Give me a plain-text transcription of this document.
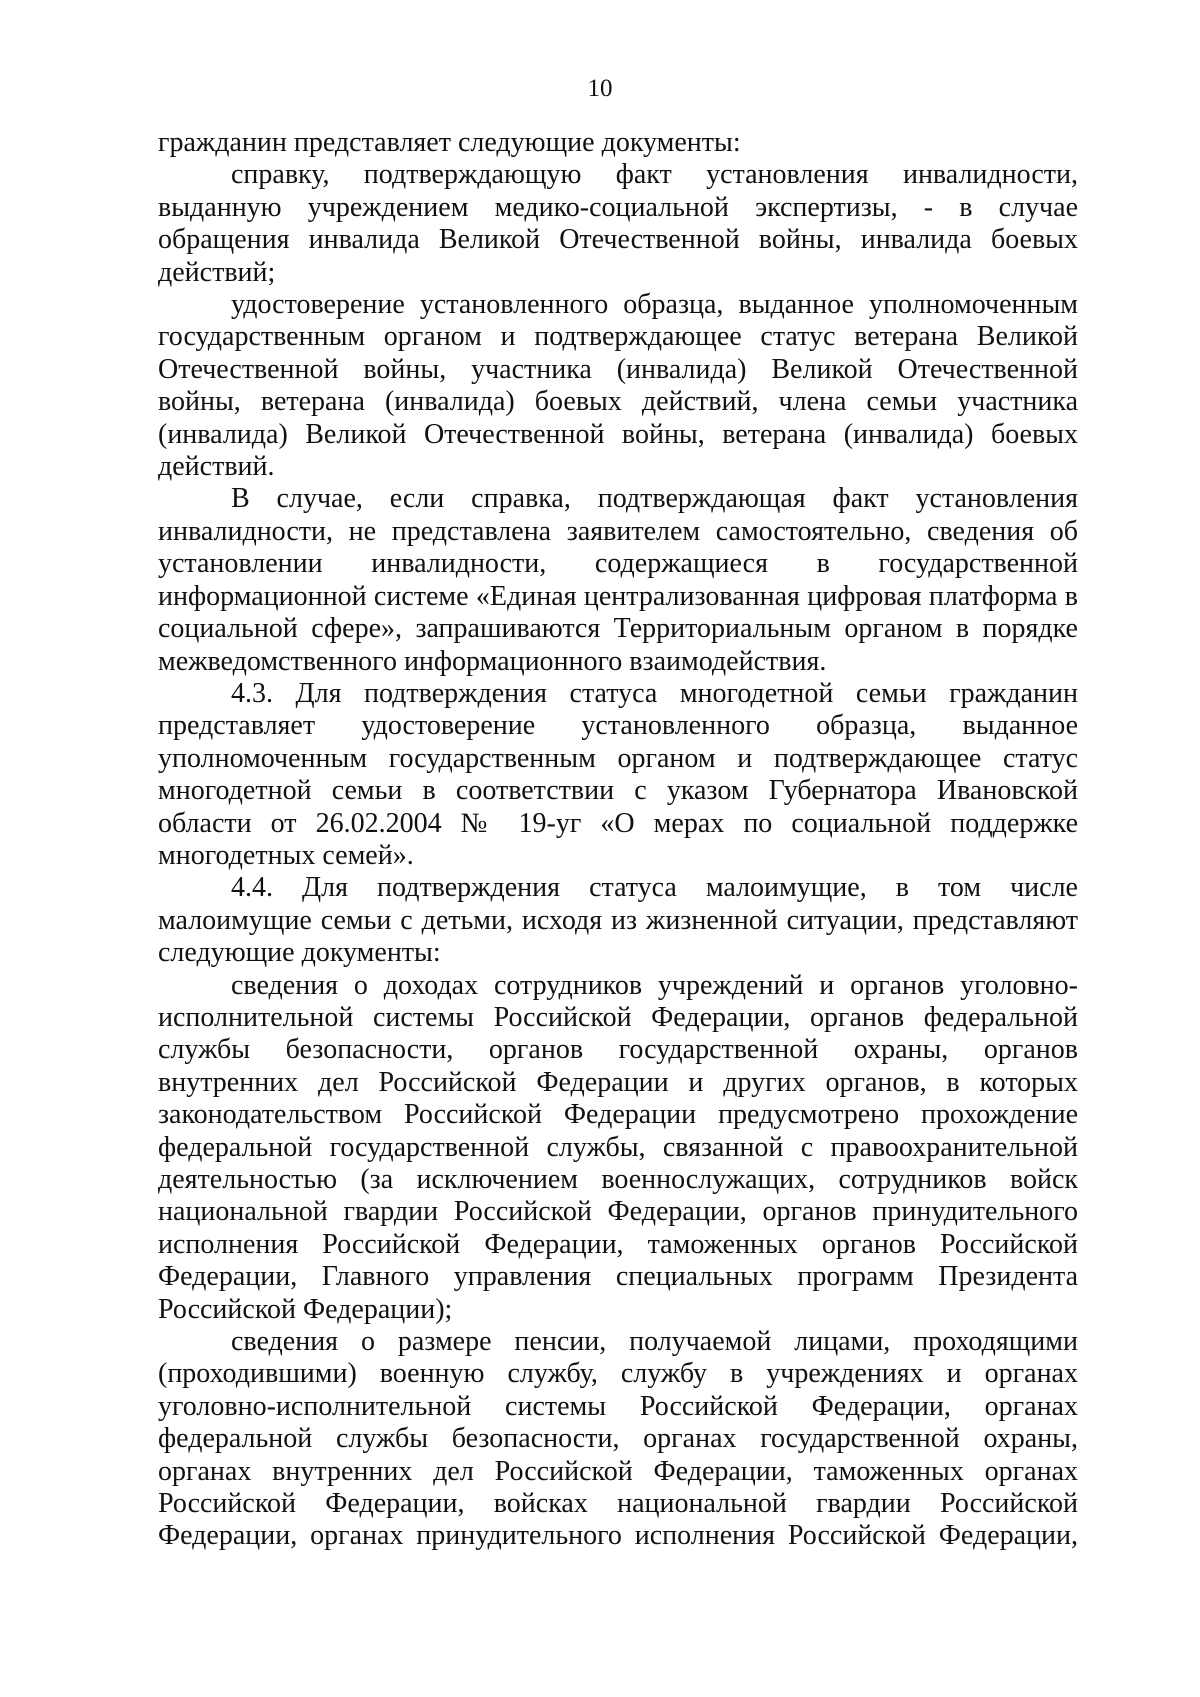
10

гражданин представляет следующие документы:

справку, подтверждающую факт установления инвалидности, выданную учреждением медико-социальной экспертизы, - в случае обращения инвалида Великой Отечественной войны, инвалида боевых действий;

удостоверение установленного образца, выданное уполномоченным государственным органом и подтверждающее статус ветерана Великой Отечественной войны, участника (инвалида) Великой Отечественной войны, ветерана (инвалида) боевых действий, члена семьи участника (инвалида) Великой Отечественной войны, ветерана (инвалида) боевых действий.

В случае, если справка, подтверждающая факт установления инвалидности, не представлена заявителем самостоятельно, сведения об установлении инвалидности, содержащиеся в государственной информационной системе «Единая централизованная цифровая платформа в социальной сфере», запрашиваются Территориальным органом в порядке межведомственного информационного взаимодействия.

4.3. Для подтверждения статуса многодетной семьи гражданин представляет удостоверение установленного образца, выданное уполномоченным государственным органом и подтверждающее статус многодетной семьи в соответствии с указом Губернатора Ивановской области от 26.02.2004 № 19-уг «О мерах по социальной поддержке многодетных семей».

4.4. Для подтверждения статуса малоимущие, в том числе малоимущие семьи с детьми, исходя из жизненной ситуации, представляют следующие документы:

сведения о доходах сотрудников учреждений и органов уголовно-исполнительной системы Российской Федерации, органов федеральной службы безопасности, органов государственной охраны, органов внутренних дел Российской Федерации и других органов, в которых законодательством Российской Федерации предусмотрено прохождение федеральной государственной службы, связанной с правоохранительной деятельностью (за исключением военнослужащих, сотрудников войск национальной гвардии Российской Федерации, органов принудительного исполнения Российской Федерации, таможенных органов Российской Федерации, Главного управления специальных программ Президента Российской Федерации);

сведения о размере пенсии, получаемой лицами, проходящими (проходившими) военную службу, службу в учреждениях и органах уголовно-исполнительной системы Российской Федерации, органах федеральной службы безопасности, органах государственной охраны, органах внутренних дел Российской Федерации, таможенных органах Российской Федерации, войсках национальной гвардии Российской Федерации, органах принудительного исполнения Российской Федерации,
